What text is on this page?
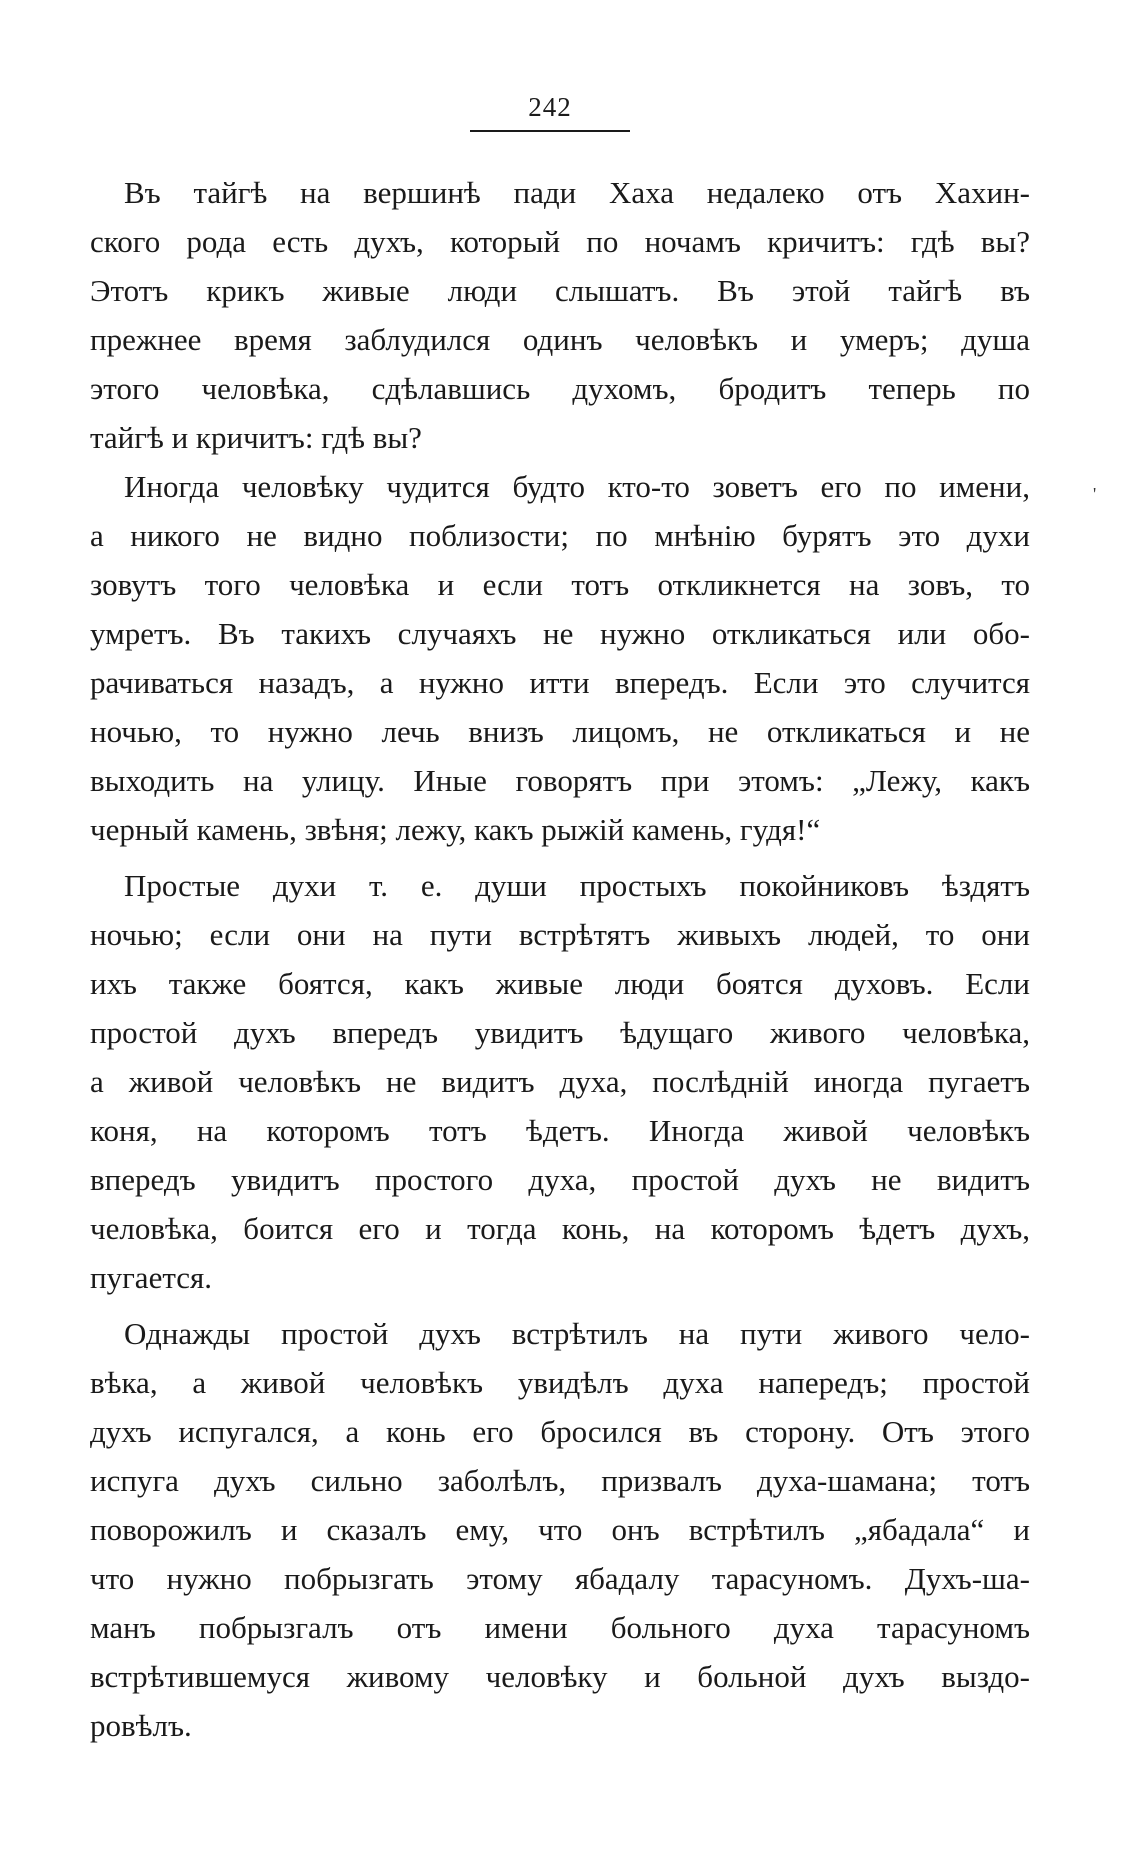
242
Въ тайгѣ на вершинѣ пади Хаха недалеко отъ Хахин-
ского рода есть духъ, который по ночамъ кричитъ: гдѣ вы?
Этотъ крикъ живые люди слышатъ. Въ этой тайгѣ въ
прежнее время заблудился одинъ человѣкъ и умеръ; душа
этого человѣка, сдѣлавшись духомъ, бродитъ теперь по
тайгѣ и кричитъ: гдѣ вы?
Иногда человѣку чудится будто кто-то зоветъ его по имени,
а никого не видно поблизости; по мнѣнію бурятъ это духи
зовутъ того человѣка и если тотъ откликнется на зовъ, то
умретъ. Въ такихъ случаяхъ не нужно откликаться или обо-
рачиваться назадъ, а нужно итти впередъ. Если это случится
ночью, то нужно лечь внизъ лицомъ, не откликаться и не
выходить на улицу. Иные говорятъ при этомъ: „Лежу, какъ
черный камень, звѣня; лежу, какъ рыжій камень, гудя!“
Простые духи т. е. души простыхъ покойниковъ ѣздятъ
ночью; если они на пути встрѣтятъ живыхъ людей, то они
ихъ также боятся, какъ живые люди боятся духовъ. Если
простой духъ впередъ увидитъ ѣдущаго живого человѣка,
а живой человѣкъ не видитъ духа, послѣдній иногда пугаетъ
коня, на которомъ тотъ ѣдетъ. Иногда живой человѣкъ
впередъ увидитъ простого духа, простой духъ не видитъ
человѣка, боится его и тогда конь, на которомъ ѣдетъ духъ,
пугается.
Однажды простой духъ встрѣтилъ на пути живого чело-
вѣка, а живой человѣкъ увидѣлъ духа напередъ; простой
духъ испугался, а конь его бросился въ сторону. Отъ этого
испуга духъ сильно заболѣлъ, призвалъ духа-шамана; тотъ
поворожилъ и сказалъ ему, что онъ встрѣтилъ „ябадала“ и
что нужно побрызгать этому ябадалу тарасуномъ. Духъ-ша-
манъ побрызгалъ отъ имени больного духа тарасуномъ
встрѣтившемуся живому человѣку и больной духъ выздо-
ровѣлъ.
'
